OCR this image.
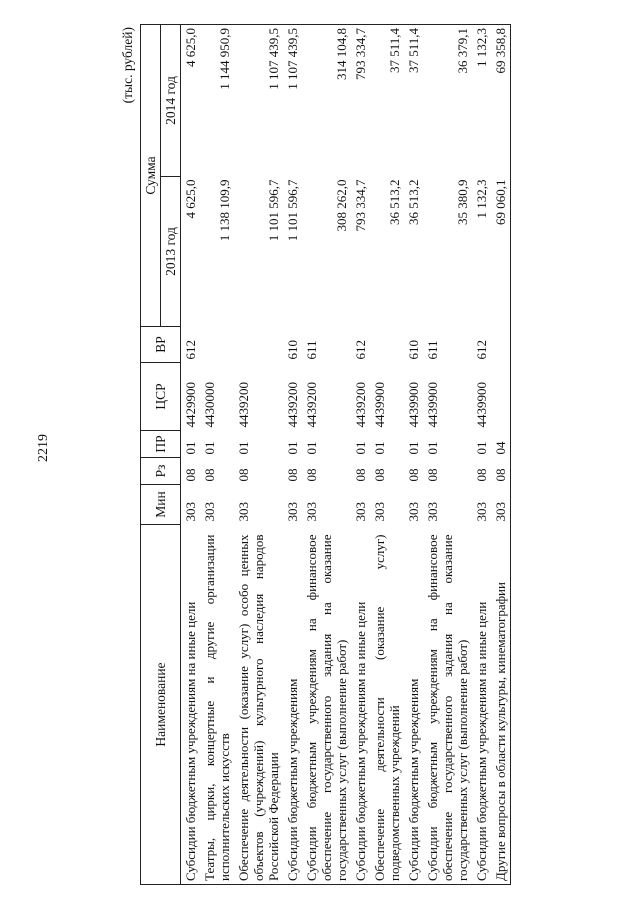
2219
(тыс. рублей)
Наименование	Мин	Рз	ПР	ЦСР	ВР	Сумма	
						2013 год	2014 год
Субсидии бюджетным учреждениям на иные цели	303	08	01	4429900	612	4 625,0	4 625,0
Театры, цирки, концертные и другие организации исполнительских искусств	303	08	01	4430000		1 138 109,9	1 144 950,9
Обеспечение деятельности (оказание услуг) особо ценных объектов (учреждений) культурного наследия народов Российской Федерации	303	08	01	4439200		1 101 596,7	1 107 439,5
Субсидии бюджетным учреждениям	303	08	01	4439200	610	1 101 596,7	1 107 439,5
Субсидии бюджетным учреждениям на финансовое обеспечение государственного задания на оказание государственных услуг (выполнение работ)	303	08	01	4439200	611	308 262,0	314 104,8
Субсидии бюджетным учреждениям на иные цели	303	08	01	4439200	612	793 334,7	793 334,7
Обеспечение деятельности (оказание услуг) подведомственных учреждений	303	08	01	4439900		36 513,2	37 511,4
Субсидии бюджетным учреждениям	303	08	01	4439900	610	36 513,2	37 511,4
Субсидии бюджетным учреждениям на финансовое обеспечение государственного задания на оказание государственных услуг (выполнение работ)	303	08	01	4439900	611	35 380,9	36 379,1
Субсидии бюджетным учреждениям на иные цели	303	08	01	4439900	612	1 132,3	1 132,3
Другие вопросы в области культуры, кинематографии	303	08	04			69 060,1	69 358,8
